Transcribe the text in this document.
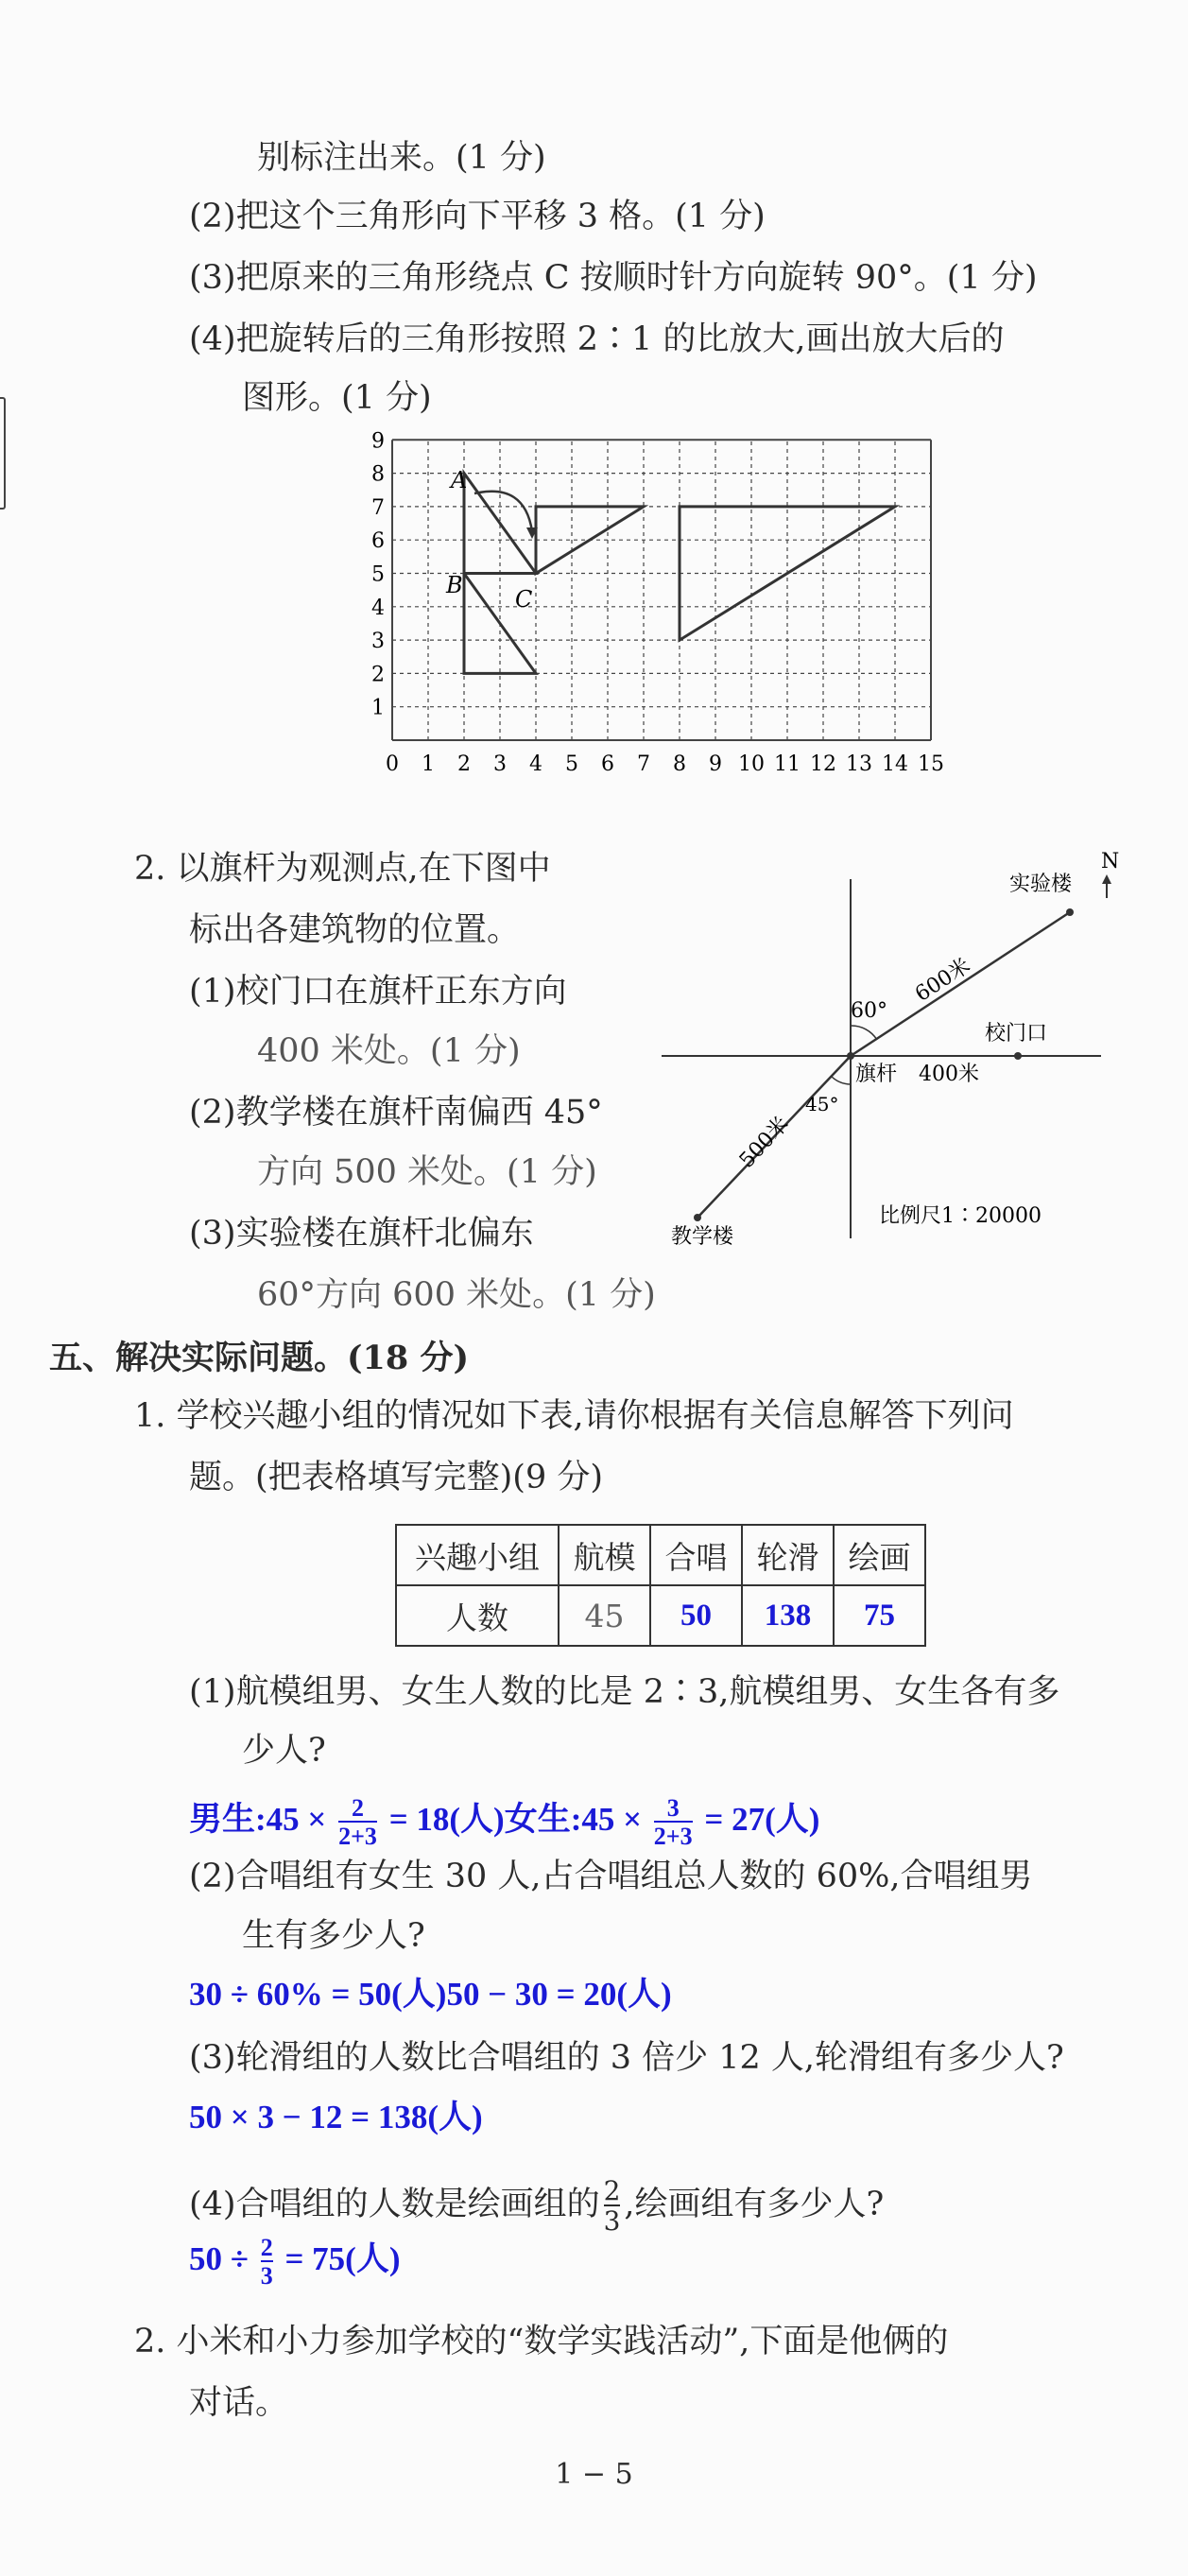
别标注出来。(1 分)
(2)把这个三角形向下平移 3 格。(1 分)
(3)把原来的三角形绕点 C 按顺时针方向旋转 90°。(1 分)
(4)把旋转后的三角形按照 2∶1 的比放大,画出放大后的
图形。(1 分)
0 1 2 3 4 5 6 7 8 9 10 11 12 13 14 15
1
2
3
4
5
6
7
8
9
A
B
C
2. 以旗杆为观测点,在下图中
标出各建筑物的位置。
(1)校门口在旗杆正东方向
400 米处。(1 分)
(2)教学楼在旗杆南偏西 45°
方向 500 米处。(1 分)
(3)实验楼在旗杆北偏东
60°方向 600 米处。(1 分)
N
实验楼
600米
60°
校门口
旗杆 400米
45°
500米
教学楼
比例尺1∶20000
五、解决实际问题。(18 分)
1. 学校兴趣小组的情况如下表,请你根据有关信息解答下列问
题。(把表格填写完整)(9 分)
兴趣小组	航模	合唱	轮滑	绘画
人数	45	50	138	75
(1)航模组男、女生人数的比是 2∶3,航模组男、女生各有多
少人?
男生:45 × $\frac{2}{2+3} = 18$(人)女生:45 × $\frac{3}{2+3} = 27$(人)
(2)合唱组有女生 30 人,占合唱组总人数的 60%,合唱组男
生有多少人?
30 ÷ 60% = 50(人)50 − 30 = 20(人)
(3)轮滑组的人数比合唱组的 3 倍少 12 人,轮滑组有多少人?
50 × 3 − 12 = 138(人)
(4)合唱组的人数是绘画组的 $\frac{2}{3}$ ,绘画组有多少人?
$50 \div \frac{2}{3} = 75$(人)
2. 小米和小力参加学校的“数学实践活动”,下面是他俩的
对话。
1 − 5
